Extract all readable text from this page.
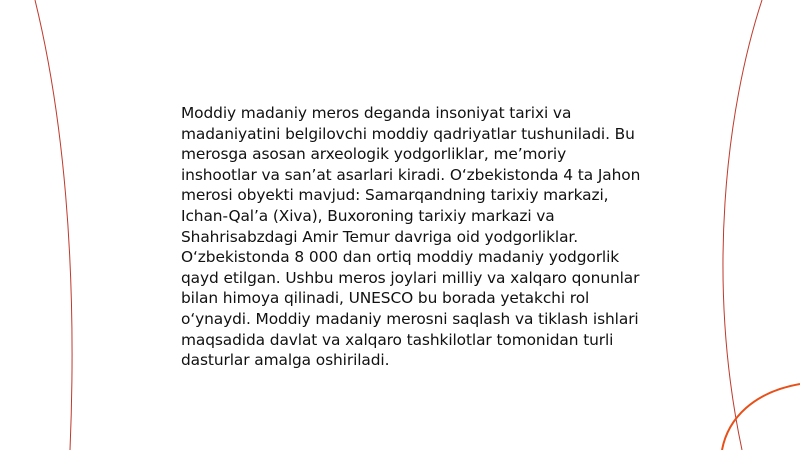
Moddiy madaniy meros deganda insoniyat tarixi va madaniyatini belgilovchi moddiy qadriyatlar tushuniladi. Bu merosga asosan arxeologik yodgorliklar, me’moriy inshootlar va san’at asarlari kiradi. O‘zbekistonda 4 ta Jahon merosi obyekti mavjud: Samarqandning tarixiy markazi, Ichan-Qal’a (Xiva), Buxoroning tarixiy markazi va Shahrisabzdagi Amir Temur davriga oid yodgorliklar. O‘zbekistonda 8 000 dan ortiq moddiy madaniy yodgorlik qayd etilgan. Ushbu meros joylari milliy va xalqaro qonunlar bilan himoya qilinadi, UNESCO bu borada yetakchi rol o‘ynaydi. Moddiy madaniy merosni saqlash va tiklash ishlari maqsadida davlat va xalqaro tashkilotlar tomonidan turli dasturlar amalga oshiriladi.
